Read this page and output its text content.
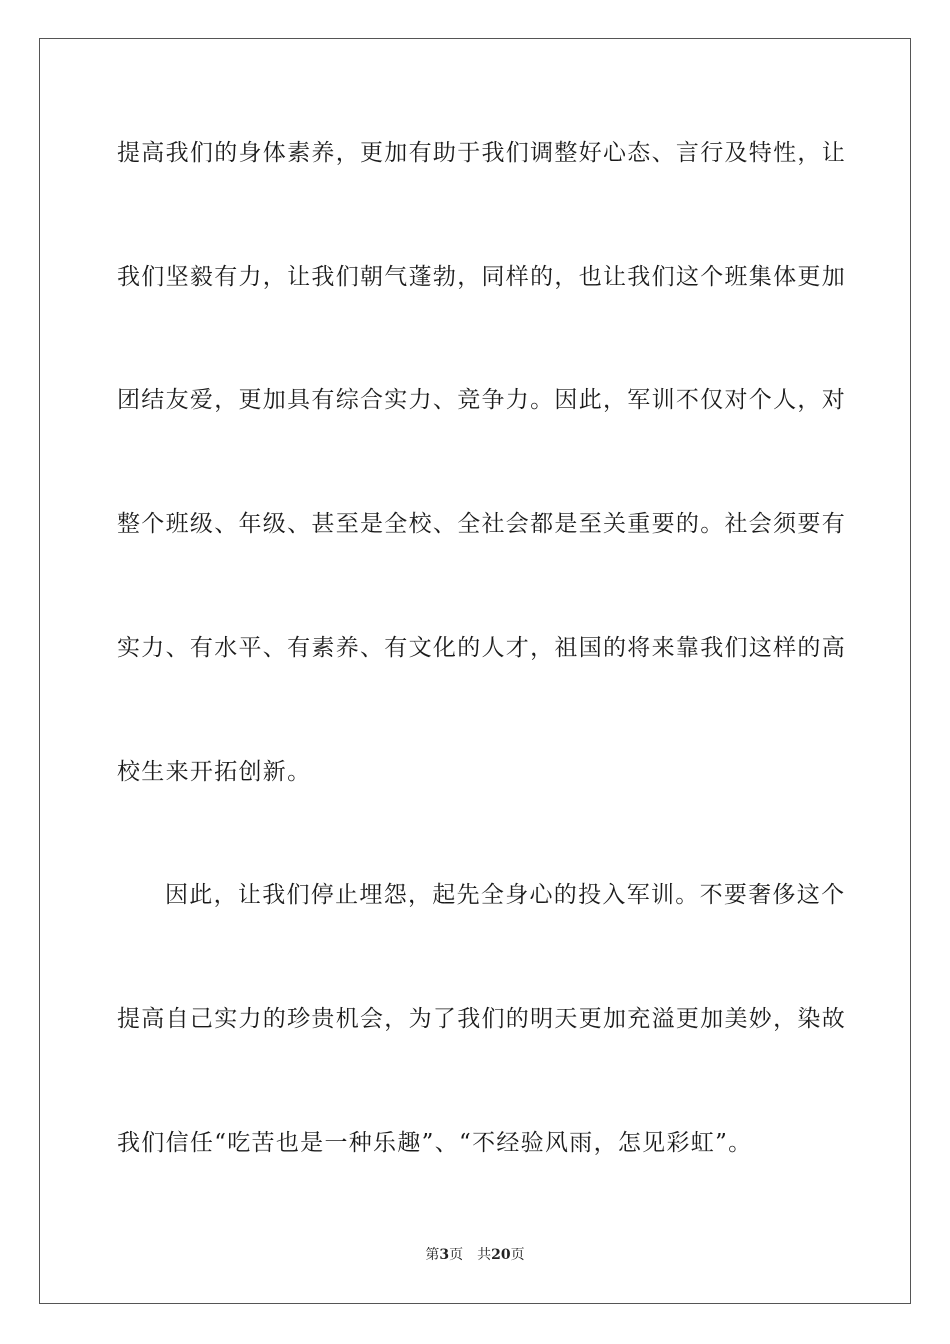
提高我们的身体素养，更加有助于我们调整好心态、言行及特性，让
我们坚毅有力，让我们朝气蓬勃，同样的，也让我们这个班集体更加
团结友爱，更加具有综合实力、竞争力。因此，军训不仅对个人，对
整个班级、年级、甚至是全校、全社会都是至关重要的。社会须要有
实力、有水平、有素养、有文化的人才，祖国的将来靠我们这样的高
校生来开拓创新。
因此，让我们停止埋怨，起先全身心的投入军训。不要奢侈这个
提高自己实力的珍贵机会，为了我们的明天更加充溢更加美妙，染故
我们信任“吃苦也是一种乐趣”、“不经验风雨，怎见彩虹”。
第3页 共20页
